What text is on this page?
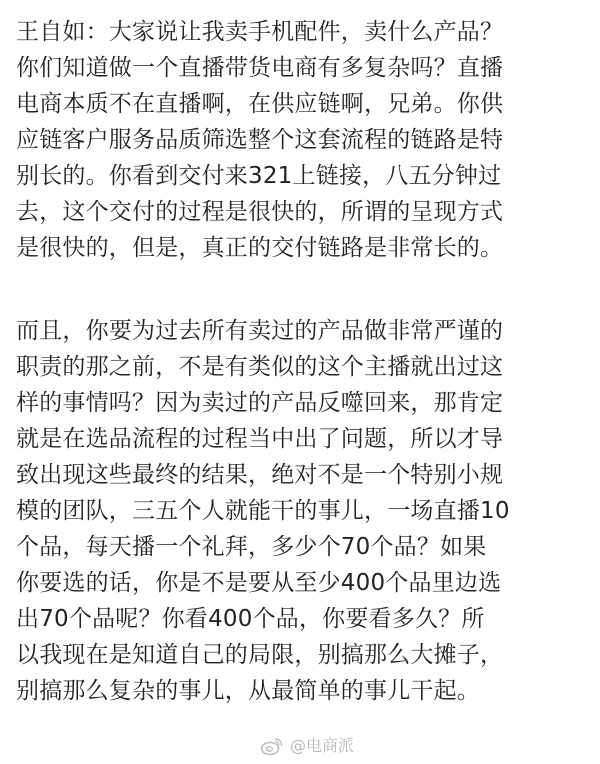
王自如：大家说让我卖手机配件，卖什么产品？
你们知道做一个直播带货电商有多复杂吗？直播
电商本质不在直播啊，在供应链啊，兄弟。你供
应链客户服务品质筛选整个这套流程的链路是特
别长的。你看到交付来321上链接，八五分钟过
去，这个交付的过程是很快的，所谓的呈现方式
是很快的，但是，真正的交付链路是非常长的。
而且，你要为过去所有卖过的产品做非常严谨的
职责的那之前，不是有类似的这个主播就出过这
样的事情吗？因为卖过的产品反噬回来，那肯定
就是在选品流程的过程当中出了问题，所以才导
致出现这些最终的结果，绝对不是一个特别小规
模的团队，三五个人就能干的事儿，一场直播10
个品，每天播一个礼拜，多少个70个品？如果
你要选的话，你是不是要从至少400个品里边选
出70个品呢？你看400个品，你要看多久？所
以我现在是知道自己的局限，别搞那么大摊子，
别搞那么复杂的事儿，从最简单的事儿干起。
@电商派
